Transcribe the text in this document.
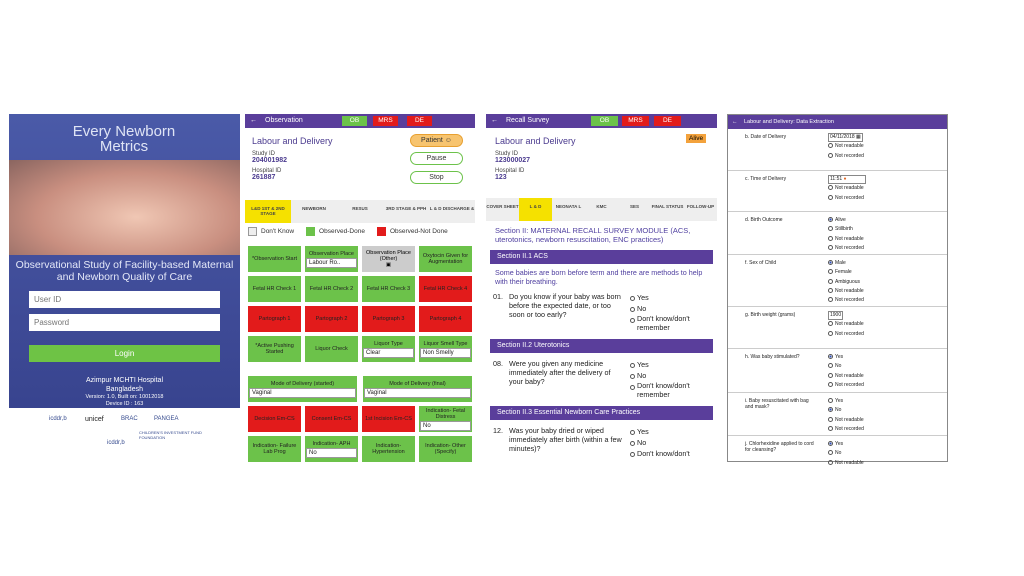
Every Newborn Metrics
Observational Study of Facility-based Maternal and Newborn Quality of Care
User ID
Login
Azimpur MCHTI Hospital
Bangladesh
Version: 1.0, Built on: 10012018
Device ID : 163
icddr,b	unicef	BRAC	PANGEA
CHILDREN'S INVESTMENT FUND FOUNDATION
icddr,b
← Observation	OB	MRS	DE
Labour and Delivery
Study ID
204001982
Hospital ID
261887
Patient ☺
Pause
Stop
L&D 1ST & 2ND STAGE
NEWBORN	RESUS	3RD STAGE & PPH L & D DISCHARGE &
Don't Know	Observed-Done	Observed-Not Done
*Observation Start
Observation Place
Labour Ro..
Observation Place (Other)
▣
Oxytocin Given for Augmentation
Fetal HR Check 1	Fetal HR Check 2	Fetal HR Check 3	Fetal HR Check 4
Partograph 1	Partograph 2	Partograph 3	Partograph 4
*Active Pushing Started	Liquor Check
Liquor Type
Clear
Liquor Smell Type
Non Smelly
Mode of Delivery (started)
Vaginal
Mode of Delivery (final)
Vaginal
Decision Em-CS	Consent Em-CS	1st Incision Em-CS
Indication- Fetal Distress
No
Indication- Failure Lab Prog
Indication- APH
No
Indication- Hypertension
Indication- Other (Specify)
← Recall Survey	OB	MRS	DE
Labour and Delivery	Alive
Study ID
123000027
Hospital ID
123
COVER SHEET	L & D	NEONATA L	KMC	SES	FINAL STATUS FOLLOW-UP
Section II: MATERNAL RECALL SURVEY MODULE (ACS, uterotonics, newborn resuscitation, ENC practices)
Section II.1 ACS
Some babies are born before term and there are methods to help with their breathing.
01. Do you know if your baby was born before the expected date, or too soon or too early?
Yes
No
Don't know/don't remember
Section II.2 Uterotonics
08. Were you given any medicine immediately after the delivery of your baby?
Yes
No
Don't know/don't remember
Section II.3 Essential Newborn Care Practices
12. Was your baby dried or wiped immediately after birth (within a few minutes)?
Yes
No
Don't know/don't
← Labour and Delivery: Data Extraction
b. Date of Delivery	04/11/2018 ▦
Not readable
Not recorded
c. Time of Delivery	11:51 ●
Not readable
Not recorded
d. Birth Outcome	Alive
Stillbirth
Not readable
Not recorded
f. Sex of Child	Male
Female
Ambiguous
Not readable
Not recorded
g. Birth weight (grams)	1900
Not readable
Not recorded
h. Was baby stimulated?	Yes
No
Not readable
Not recorded
i. Baby resuscitated with bag and mask?
Yes
No
Not readable
Not recorded
j. Chlorhexidine applied to cord for cleansing?
Yes
No
Not readable
